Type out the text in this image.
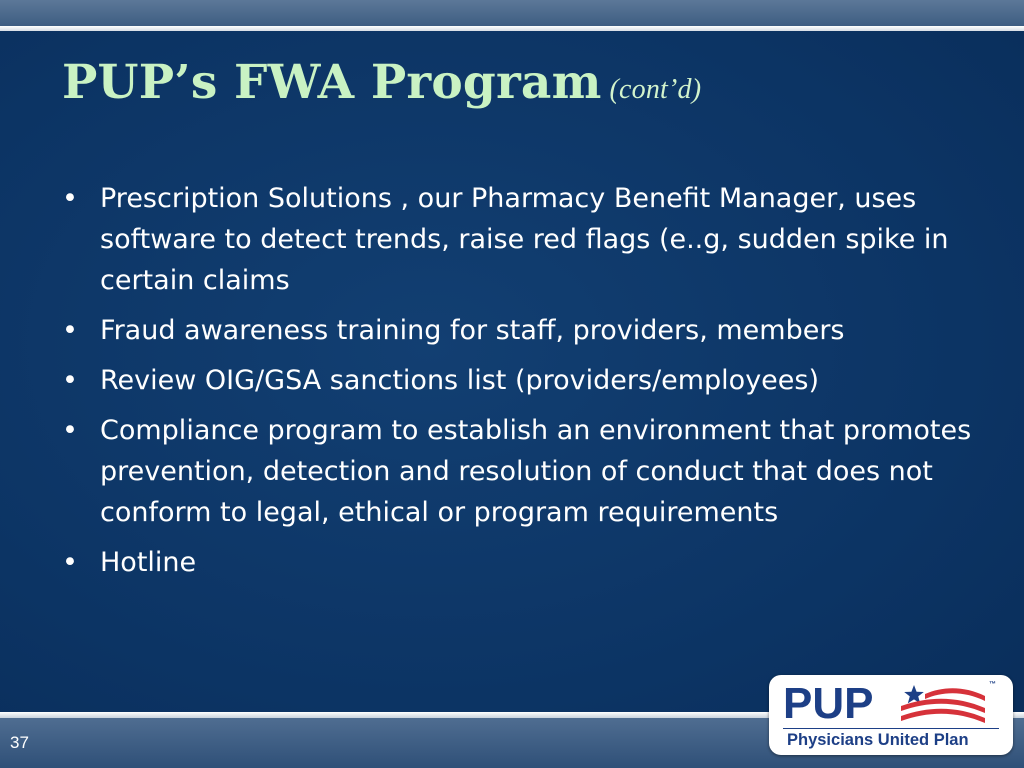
PUP’s FWA Program (cont’d)
• Prescription Solutions , our Pharmacy Benefit Manager, uses software to detect trends, raise red flags (e..g, sudden spike in certain claims
• Fraud awareness training for staff, providers, members
• Review OIG/GSA sanctions list (providers/employees)
• Compliance program to establish an environment that promotes prevention, detection and resolution of conduct that does not conform to legal, ethical or program requirements
• Hotline
37
PUP	™
Physicians United Plan
